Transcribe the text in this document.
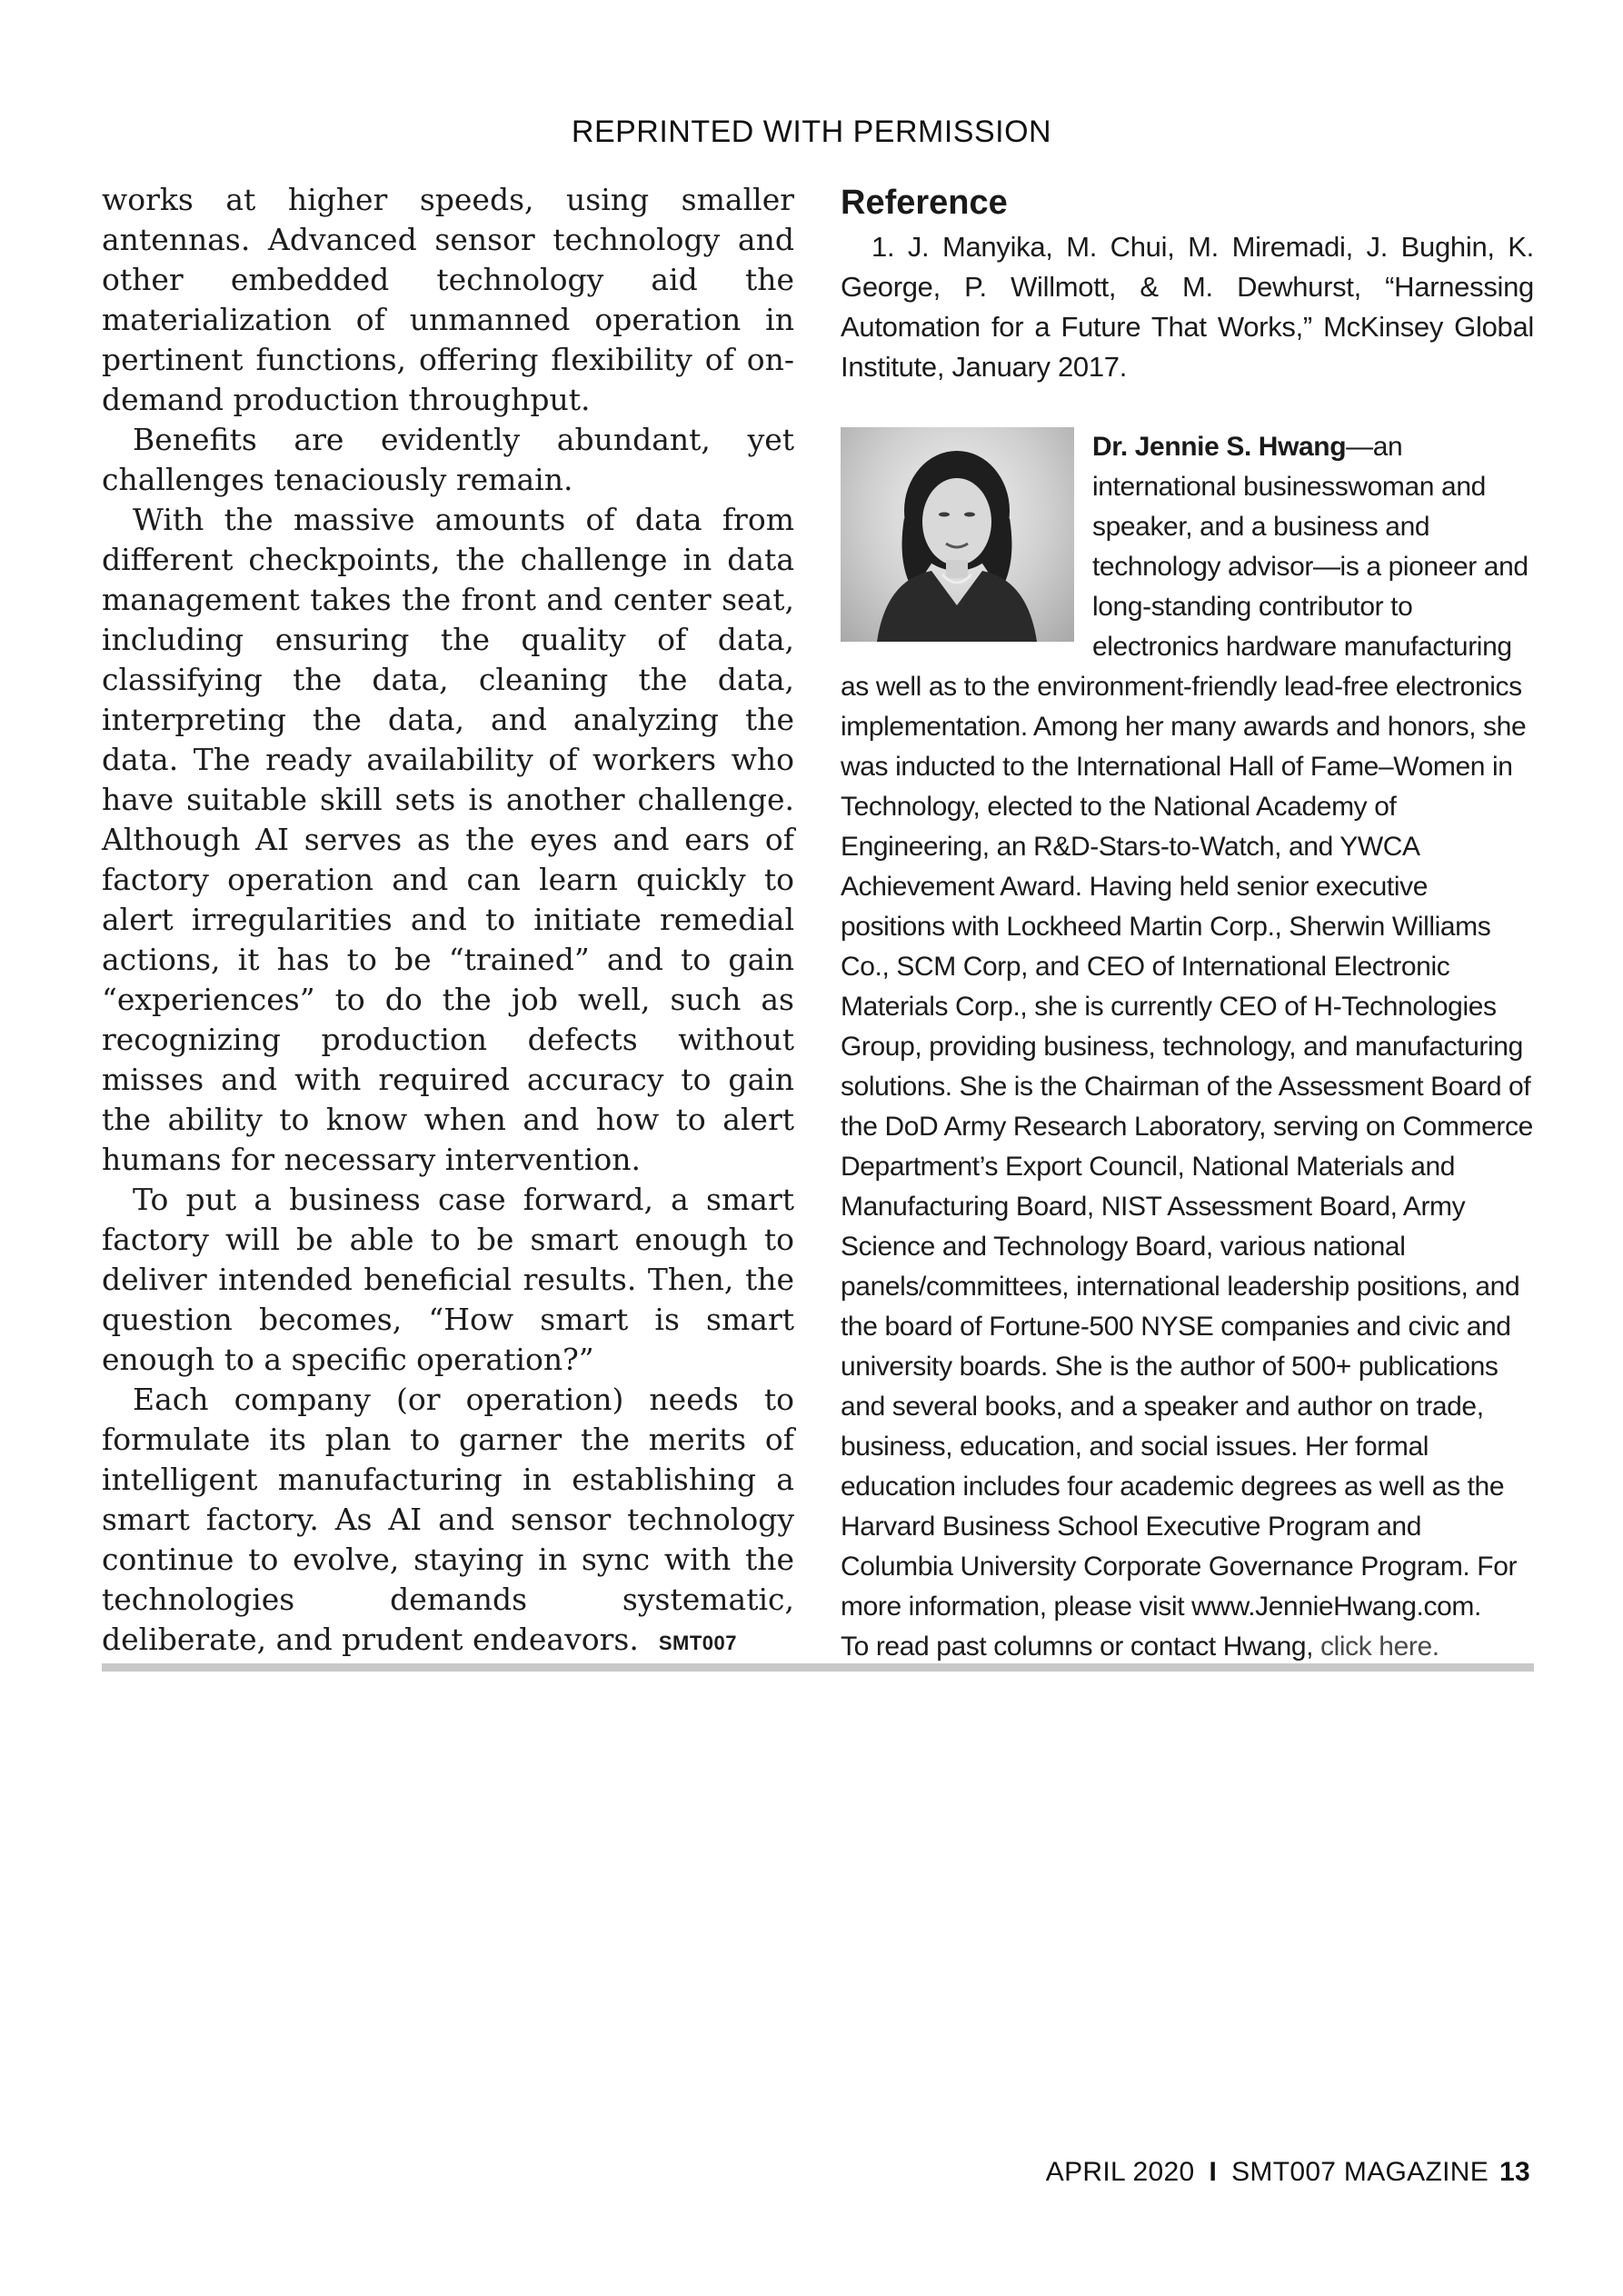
REPRINTED WITH PERMISSION

works at higher speeds, using smaller antennas. Advanced sensor technology and other embedded technology aid the materialization of unmanned operation in pertinent functions, offering flexibility of on-demand production throughput.

Benefits are evidently abundant, yet challenges tenaciously remain.

With the massive amounts of data from different checkpoints, the challenge in data management takes the front and center seat, including ensuring the quality of data, classifying the data, cleaning the data, interpreting the data, and analyzing the data. The ready availability of workers who have suitable skill sets is another challenge. Although AI serves as the eyes and ears of factory operation and can learn quickly to alert irregularities and to initiate remedial actions, it has to be “trained” and to gain “experiences” to do the job well, such as recognizing production defects without misses and with required accuracy to gain the ability to know when and how to alert humans for necessary intervention.

To put a business case forward, a smart factory will be able to be smart enough to deliver intended beneficial results. Then, the question becomes, “How smart is smart enough to a specific operation?”

Each company (or operation) needs to formulate its plan to garner the merits of intelligent manufacturing in establishing a smart factory. As AI and sensor technology continue to evolve, staying in sync with the technologies demands systematic, deliberate, and prudent endeavors. SMT007

Reference
1. J. Manyika, M. Chui, M. Miremadi, J. Bughin, K. George, P. Willmott, & M. Dewhurst, “Harnessing Automation for a Future That Works,” McKinsey Global Institute, January 2017.
Dr. Jennie S. Hwang—an international businesswoman and speaker, and a business and technology advisor—is a pioneer and long-standing contributor to electronics hardware manufacturing as well as to the environment-friendly lead-free electronics implementation. Among her many awards and honors, she was inducted to the International Hall of Fame–Women in Technology, elected to the National Academy of Engineering, an R&D-Stars-to-Watch, and YWCA Achievement Award. Having held senior executive positions with Lockheed Martin Corp., Sherwin Williams Co., SCM Corp, and CEO of International Electronic Materials Corp., she is currently CEO of H-Technologies Group, providing business, technology, and manufacturing solutions. She is the Chairman of the Assessment Board of the DoD Army Research Laboratory, serving on Commerce Department’s Export Council, National Materials and Manufacturing Board, NIST Assessment Board, Army Science and Technology Board, various national panels/committees, international leadership positions, and the board of Fortune-500 NYSE companies and civic and university boards. She is the author of 500+ publications and several books, and a speaker and author on trade, business, education, and social issues. Her formal education includes four academic degrees as well as the Harvard Business School Executive Program and Columbia University Corporate Governance Program. For more information, please visit www.JennieHwang.com.
To read past columns or contact Hwang, click here.
APRIL 2020 I SMT007 MAGAZINE 13
